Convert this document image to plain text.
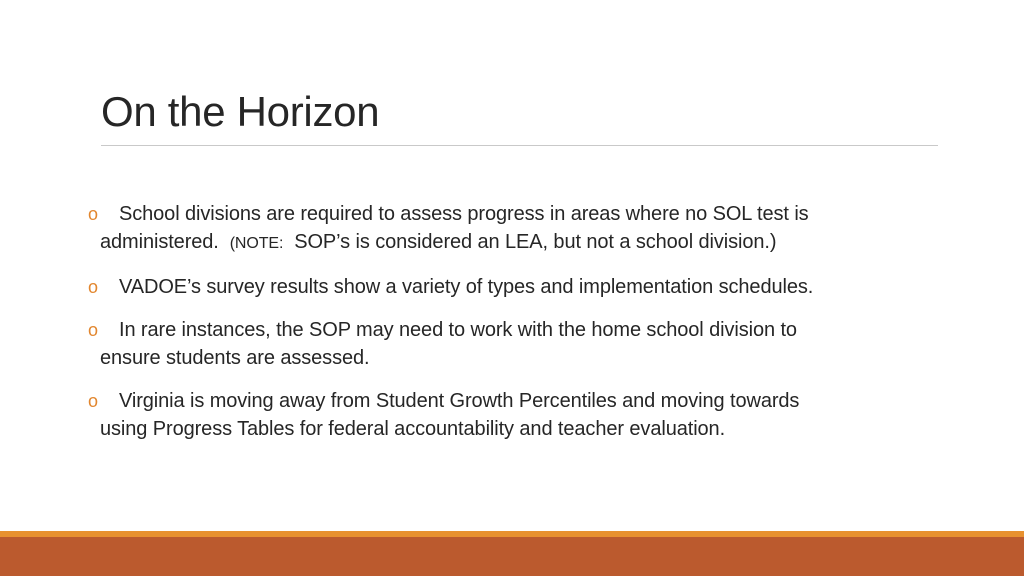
On the Horizon
o	School divisions are required to assess progress in areas where no SOL test is
administered. (NOTE: SOP’s is considered an LEA, but not a school division.)
o	VADOE’s survey results show a variety of types and implementation schedules.
o	In rare instances, the SOP may need to work with the home school division to
ensure students are assessed.
o	Virginia is moving away from Student Growth Percentiles and moving towards
using Progress Tables for federal accountability and teacher evaluation.
